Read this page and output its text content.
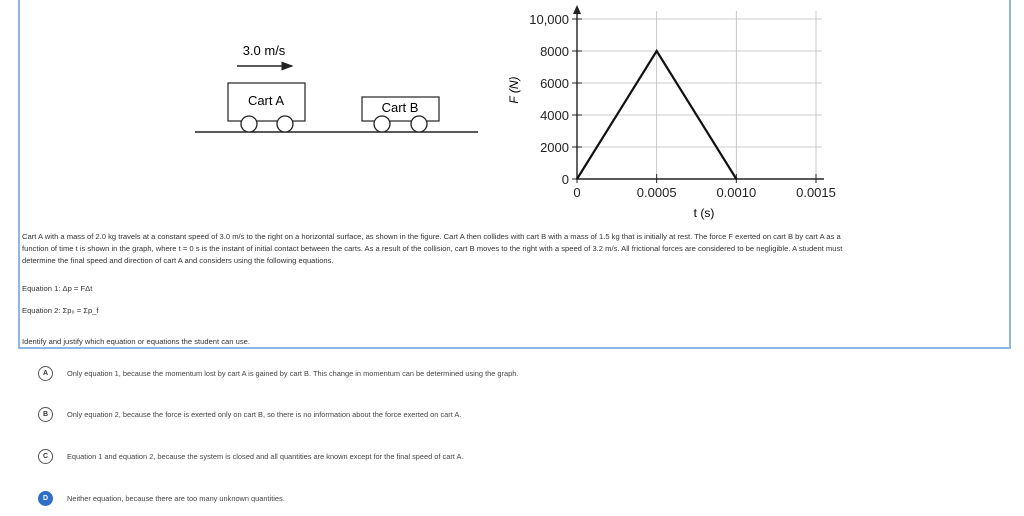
3.0 m/s
Cart A	Cart B
0
2000
4000
6000
8000
10,000
0	0.0005	0.0010	0.0015
F (N)
t (s)
Cart A with a mass of 2.0 kg travels at a constant speed of 3.0 m/s to the right on a horizontal surface, as shown in the figure. Cart A then collides with cart B with a mass of 1.5 kg that is initially at rest. The force F exerted on cart B by cart A as a
function of time t is shown in the graph, where t = 0 s is the instant of initial contact between the carts. As a result of the collision, cart B moves to the right with a speed of 3.2 m/s. All frictional forces are considered to be negligible. A student must
determine the final speed and direction of cart A and considers using the following equations.
Equation 1: Δp = FΔt
Equation 2: Σp₀ = Σp_f
Identify and justify which equation or equations the student can use.
A	Only equation 1, because the momentum lost by cart A is gained by cart B. This change in momentum can be determined using the graph.
B	Only equation 2, because the force is exerted only on cart B, so there is no information about the force exerted on cart A.
C	Equation 1 and equation 2, because the system is closed and all quantities are known except for the final speed of cart A.
D	Neither equation, because there are too many unknown quantities.
